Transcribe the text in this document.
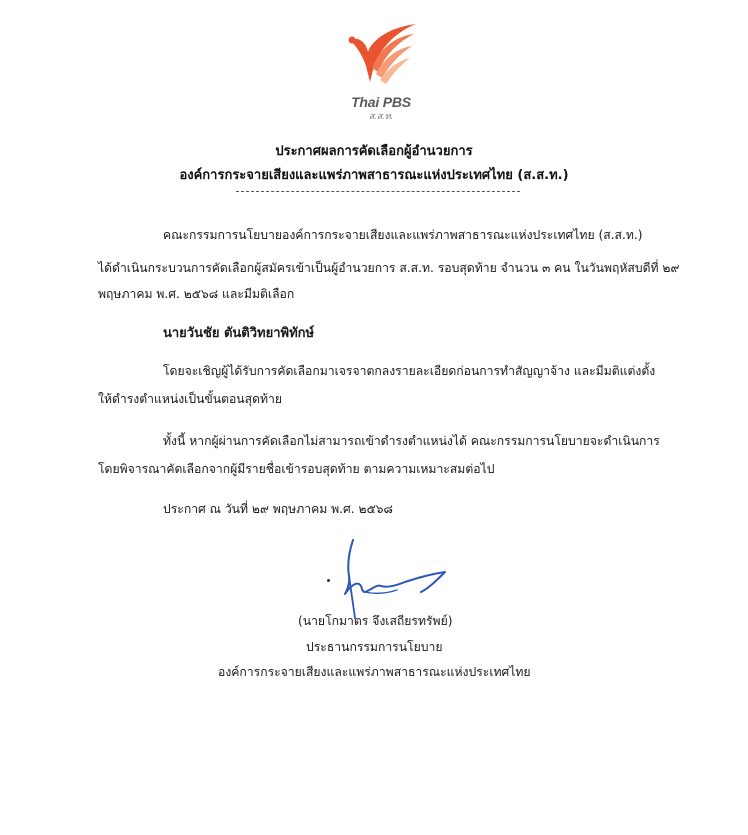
Thai PBS
ส.ส.ท.
ประกาศผลการคัดเลือกผู้อำนวยการ
องค์การกระจายเสียงและแพร่ภาพสาธารณะแห่งประเทศไทย (ส.ส.ท.)
คณะกรรมการนโยบายองค์การกระจายเสียงและแพร่ภาพสาธารณะแห่งประเทศไทย (ส.ส.ท.)
ได้ดำเนินกระบวนการคัดเลือกผู้สมัครเข้าเป็นผู้อำนวยการ ส.ส.ท. รอบสุดท้าย จำนวน ๓ คน ในวันพฤหัสบดีที่ ๒๙
พฤษภาคม พ.ศ. ๒๕๖๘ และมีมติเลือก
นายวันชัย ตันติวิทยาพิทักษ์
โดยจะเชิญผู้ได้รับการคัดเลือกมาเจรจาตกลงรายละเอียดก่อนการทำสัญญาจ้าง และมีมติแต่งตั้ง
ให้ดำรงตำแหน่งเป็นขั้นตอนสุดท้าย
ทั้งนี้ หากผู้ผ่านการคัดเลือกไม่สามารถเข้าดำรงตำแหน่งได้ คณะกรรมการนโยบายจะดำเนินการ
โดยพิจารณาคัดเลือกจากผู้มีรายชื่อเข้ารอบสุดท้าย ตามความเหมาะสมต่อไป
ประกาศ ณ วันที่ ๒๙ พฤษภาคม พ.ศ. ๒๕๖๘
(นายโกมาตร จึงเสถียรทรัพย์)
ประธานกรรมการนโยบาย
องค์การกระจายเสียงและแพร่ภาพสาธารณะแห่งประเทศไทย
